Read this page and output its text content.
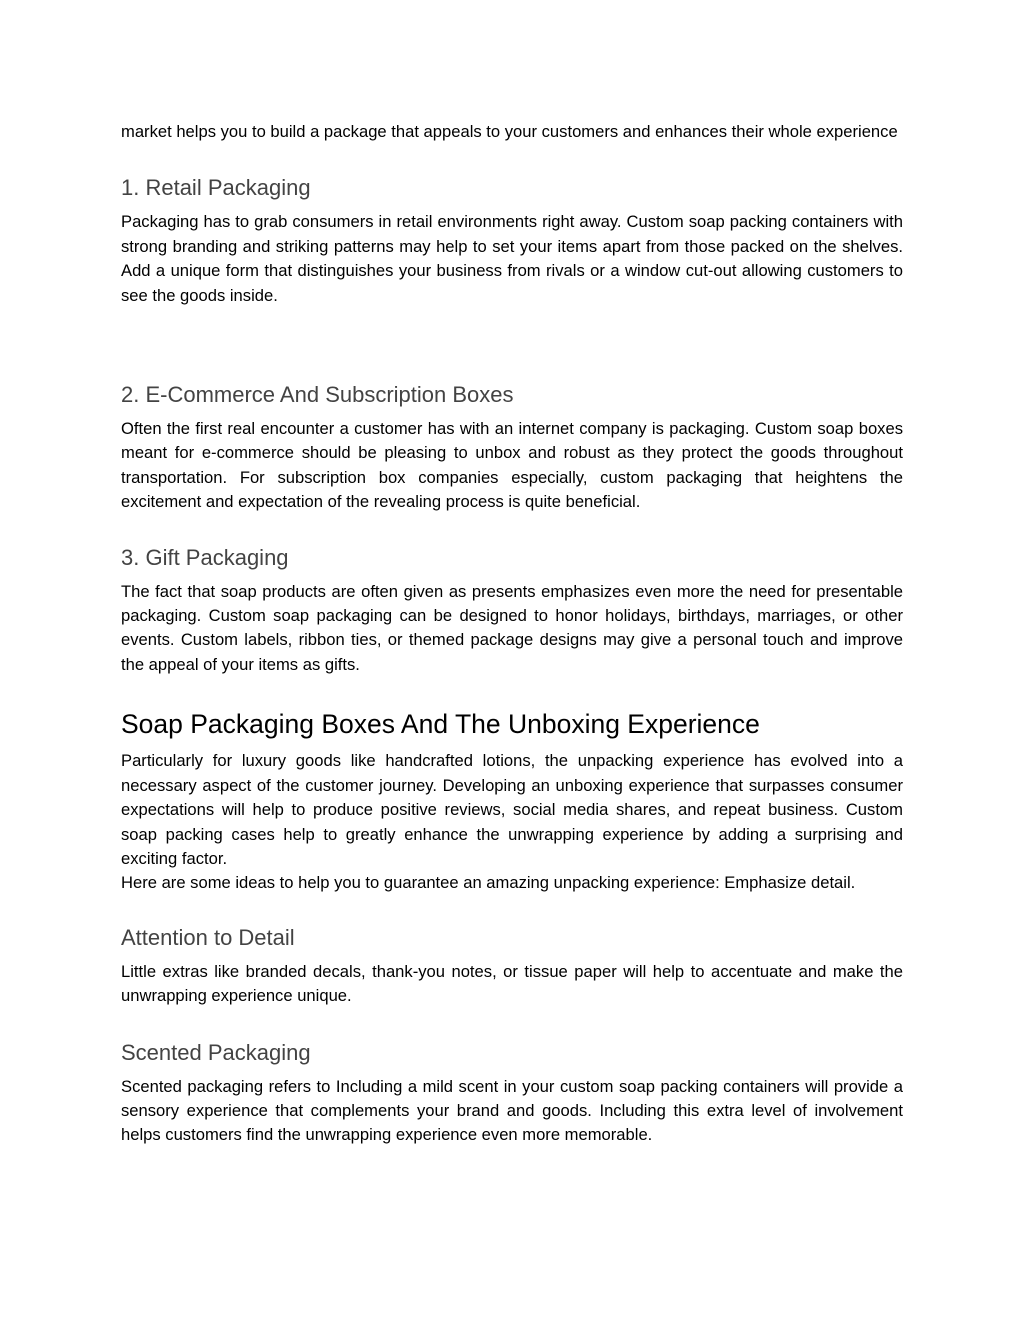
market helps you to build a package that appeals to your customers and enhances their whole experience

1. Retail Packaging

Packaging has to grab consumers in retail environments right away. Custom soap packing containers with strong branding and striking patterns may help to set your items apart from those packed on the shelves. Add a unique form that distinguishes your business from rivals or a window cut-out allowing customers to see the goods inside.

2. E-Commerce And Subscription Boxes

Often the first real encounter a customer has with an internet company is packaging. Custom soap boxes meant for e-commerce should be pleasing to unbox and robust as they protect the goods throughout transportation. For subscription box companies especially, custom packaging that heightens the excitement and expectation of the revealing process is quite beneficial.

3. Gift Packaging

The fact that soap products are often given as presents emphasizes even more the need for presentable packaging. Custom soap packaging can be designed to honor holidays, birthdays, marriages, or other events. Custom labels, ribbon ties, or themed package designs may give a personal touch and improve the appeal of your items as gifts.

Soap Packaging Boxes And The Unboxing Experience

Particularly for luxury goods like handcrafted lotions, the unpacking experience has evolved into a necessary aspect of the customer journey. Developing an unboxing experience that surpasses consumer expectations will help to produce positive reviews, social media shares, and repeat business. Custom soap packing cases help to greatly enhance the unwrapping experience by adding a surprising and exciting factor.

Here are some ideas to help you to guarantee an amazing unpacking experience: Emphasize detail.

Attention to Detail

Little extras like branded decals, thank-you notes, or tissue paper will help to accentuate and make the unwrapping experience unique.

Scented Packaging

Scented packaging refers to Including a mild scent in your custom soap packing containers will provide a sensory experience that complements your brand and goods. Including this extra level of involvement helps customers find the unwrapping experience even more memorable.
